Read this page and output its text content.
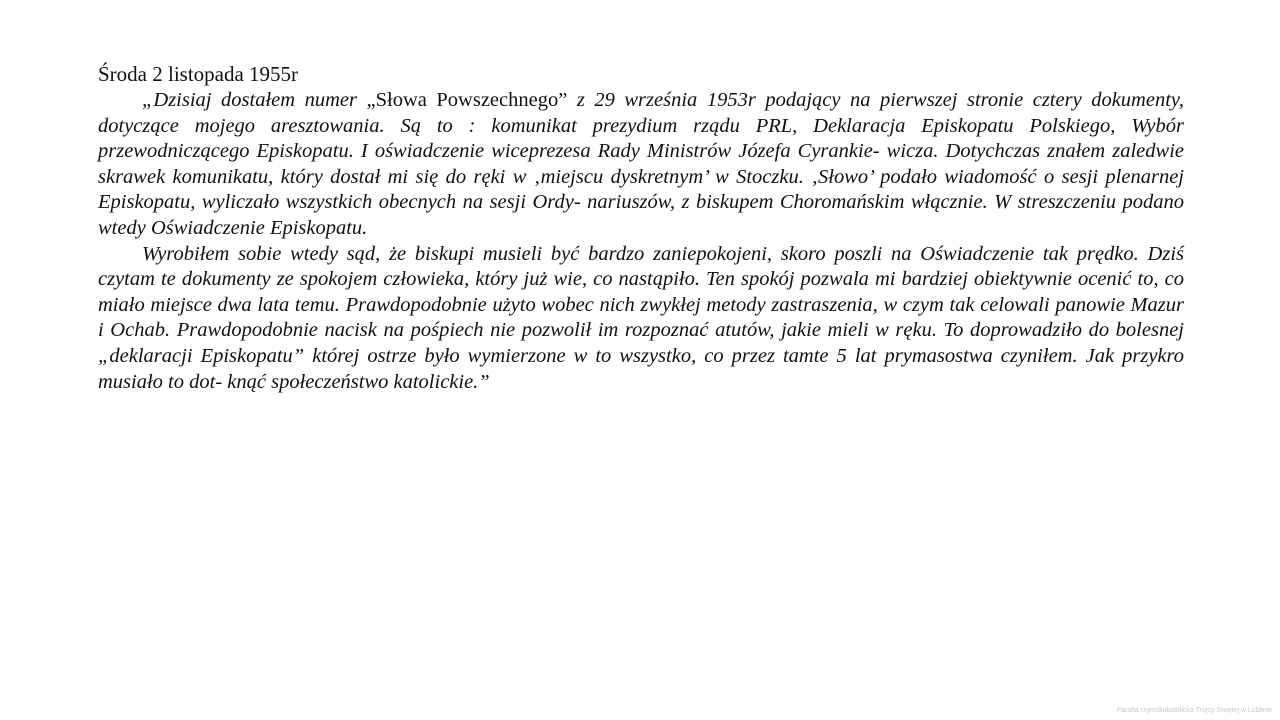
Środa 2 listopada 1955r

„Dzisiaj dostałem numer „Słowa Powszechnego” z 29 września 1953r podający na pierwszej stronie cztery dokumenty, dotyczące mojego aresztowania. Są to : komunikat prezydium rządu PRL, Deklaracja Episkopatu Polskiego, Wybór przewodniczącego Episkopatu. I oświadczenie wiceprezesa Rady Ministrów Józefa Cyrankie- wicza. Dotychczas znałem zaledwie skrawek komunikatu, który dostał mi się do ręki w ‚miejscu dyskretnym’ w Stoczku. ‚Słowo’ podało wiadomość o sesji plenarnej Episkopatu, wyliczało wszystkich obecnych na sesji Ordy- nariuszów, z biskupem Choromańskim włącznie. W streszczeniu podano wtedy Oświadczenie Episkopatu.

Wyrobiłem sobie wtedy sąd, że biskupi musieli być bardzo zaniepokojeni, skoro poszli na Oświadczenie tak prędko. Dziś czytam te dokumenty ze spokojem człowieka, który już wie, co nastąpiło. Ten spokój pozwala mi bardziej obiektywnie ocenić to, co miało miejsce dwa lata temu. Prawdopodobnie użyto wobec nich zwykłej metody zastraszenia, w czym tak celowali panowie Mazur i Ochab. Prawdopodobnie nacisk na pośpiech nie pozwolił im rozpoznać atutów, jakie mieli w ręku. To doprowadziło do bolesnej „deklaracji Episkopatu” której ostrze było wymierzone w to wszystko, co przez tamte 5 lat prymasostwa czyniłem. Jak przykro musiało to dot- knąć społeczeństwo katolickie.”

Parafia rzymskokatolicka Trójcy Świętej w Lublinie
